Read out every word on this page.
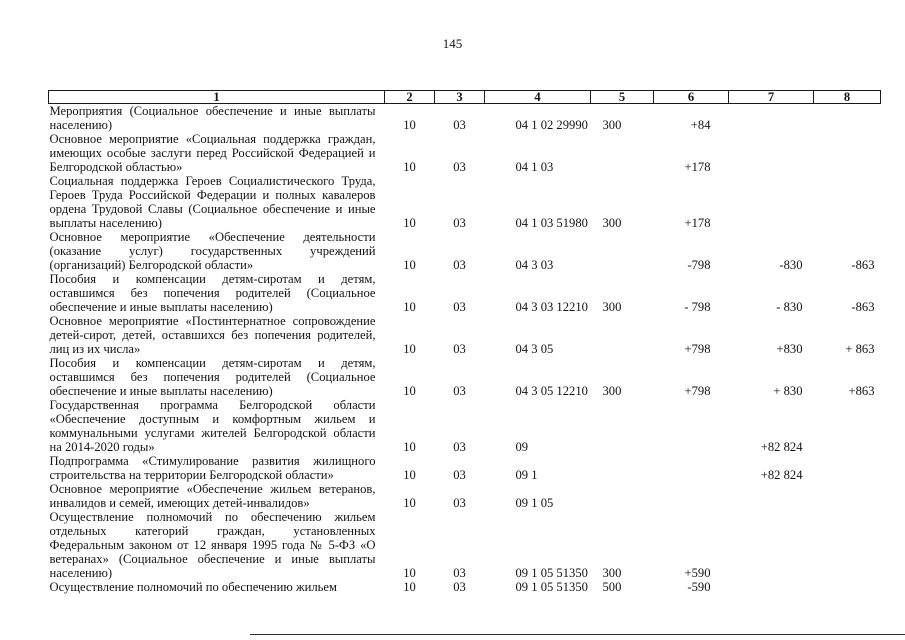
145
1	2	3	4	5	6	7	8
Мероприятия (Социальное обеспечение и иные выплаты населению)	10	03	04 1 02 29990	300	+84		
Основное мероприятие «Социальная поддержка граждан, имеющих особые заслуги перед Российской Федерацией и Белгородской областью»	10	03	04 1 03		+178		
Социальная поддержка Героев Социалистического Труда, Героев Труда Российской Федерации и полных кавалеров ордена Трудовой Славы (Социальное обеспечение и иные выплаты населению)	10	03	04 1 03 51980	300	+178		
Основное мероприятие «Обеспечение деятельности (оказание услуг) государственных учреждений (организаций) Белгородской области»	10	03	04 3 03		-798	-830	-863
Пособия и компенсации детям-сиротам и детям, оставшимся без попечения родителей (Социальное обеспечение и иные выплаты населению)	10	03	04 3 03 12210	300	- 798	- 830	-863
Основное мероприятие «Постинтернатное сопровождение детей-сирот, детей, оставшихся без попечения родителей, лиц из их числа»	10	03	04 3 05		+798	+830	+ 863
Пособия и компенсации детям-сиротам и детям, оставшимся без попечения родителей (Социальное обеспечение и иные выплаты населению)	10	03	04 3 05 12210	300	+798	+ 830	+863
Государственная программа Белгородской области «Обеспечение доступным и комфортным жильем и коммунальными услугами жителей Белгородской области на 2014-2020 годы»	10	03	09			+82 824	
Подпрограмма «Стимулирование развития жилищного строительства на территории Белгородской области»	10	03	09 1			+82 824	
Основное мероприятие «Обеспечение жильем ветеранов, инвалидов и семей, имеющих детей-инвалидов»	10	03	09 1 05				
Осуществление полномочий по обеспечению жильем отдельных категорий граждан, установленных Федеральным законом от 12 января 1995 года № 5-ФЗ «О ветеранах» (Социальное обеспечение и иные выплаты населению)	10	03	09 1 05 51350	300	+590		
Осуществление полномочий по обеспечению жильем	10	03	09 1 05 51350	500	-590		
